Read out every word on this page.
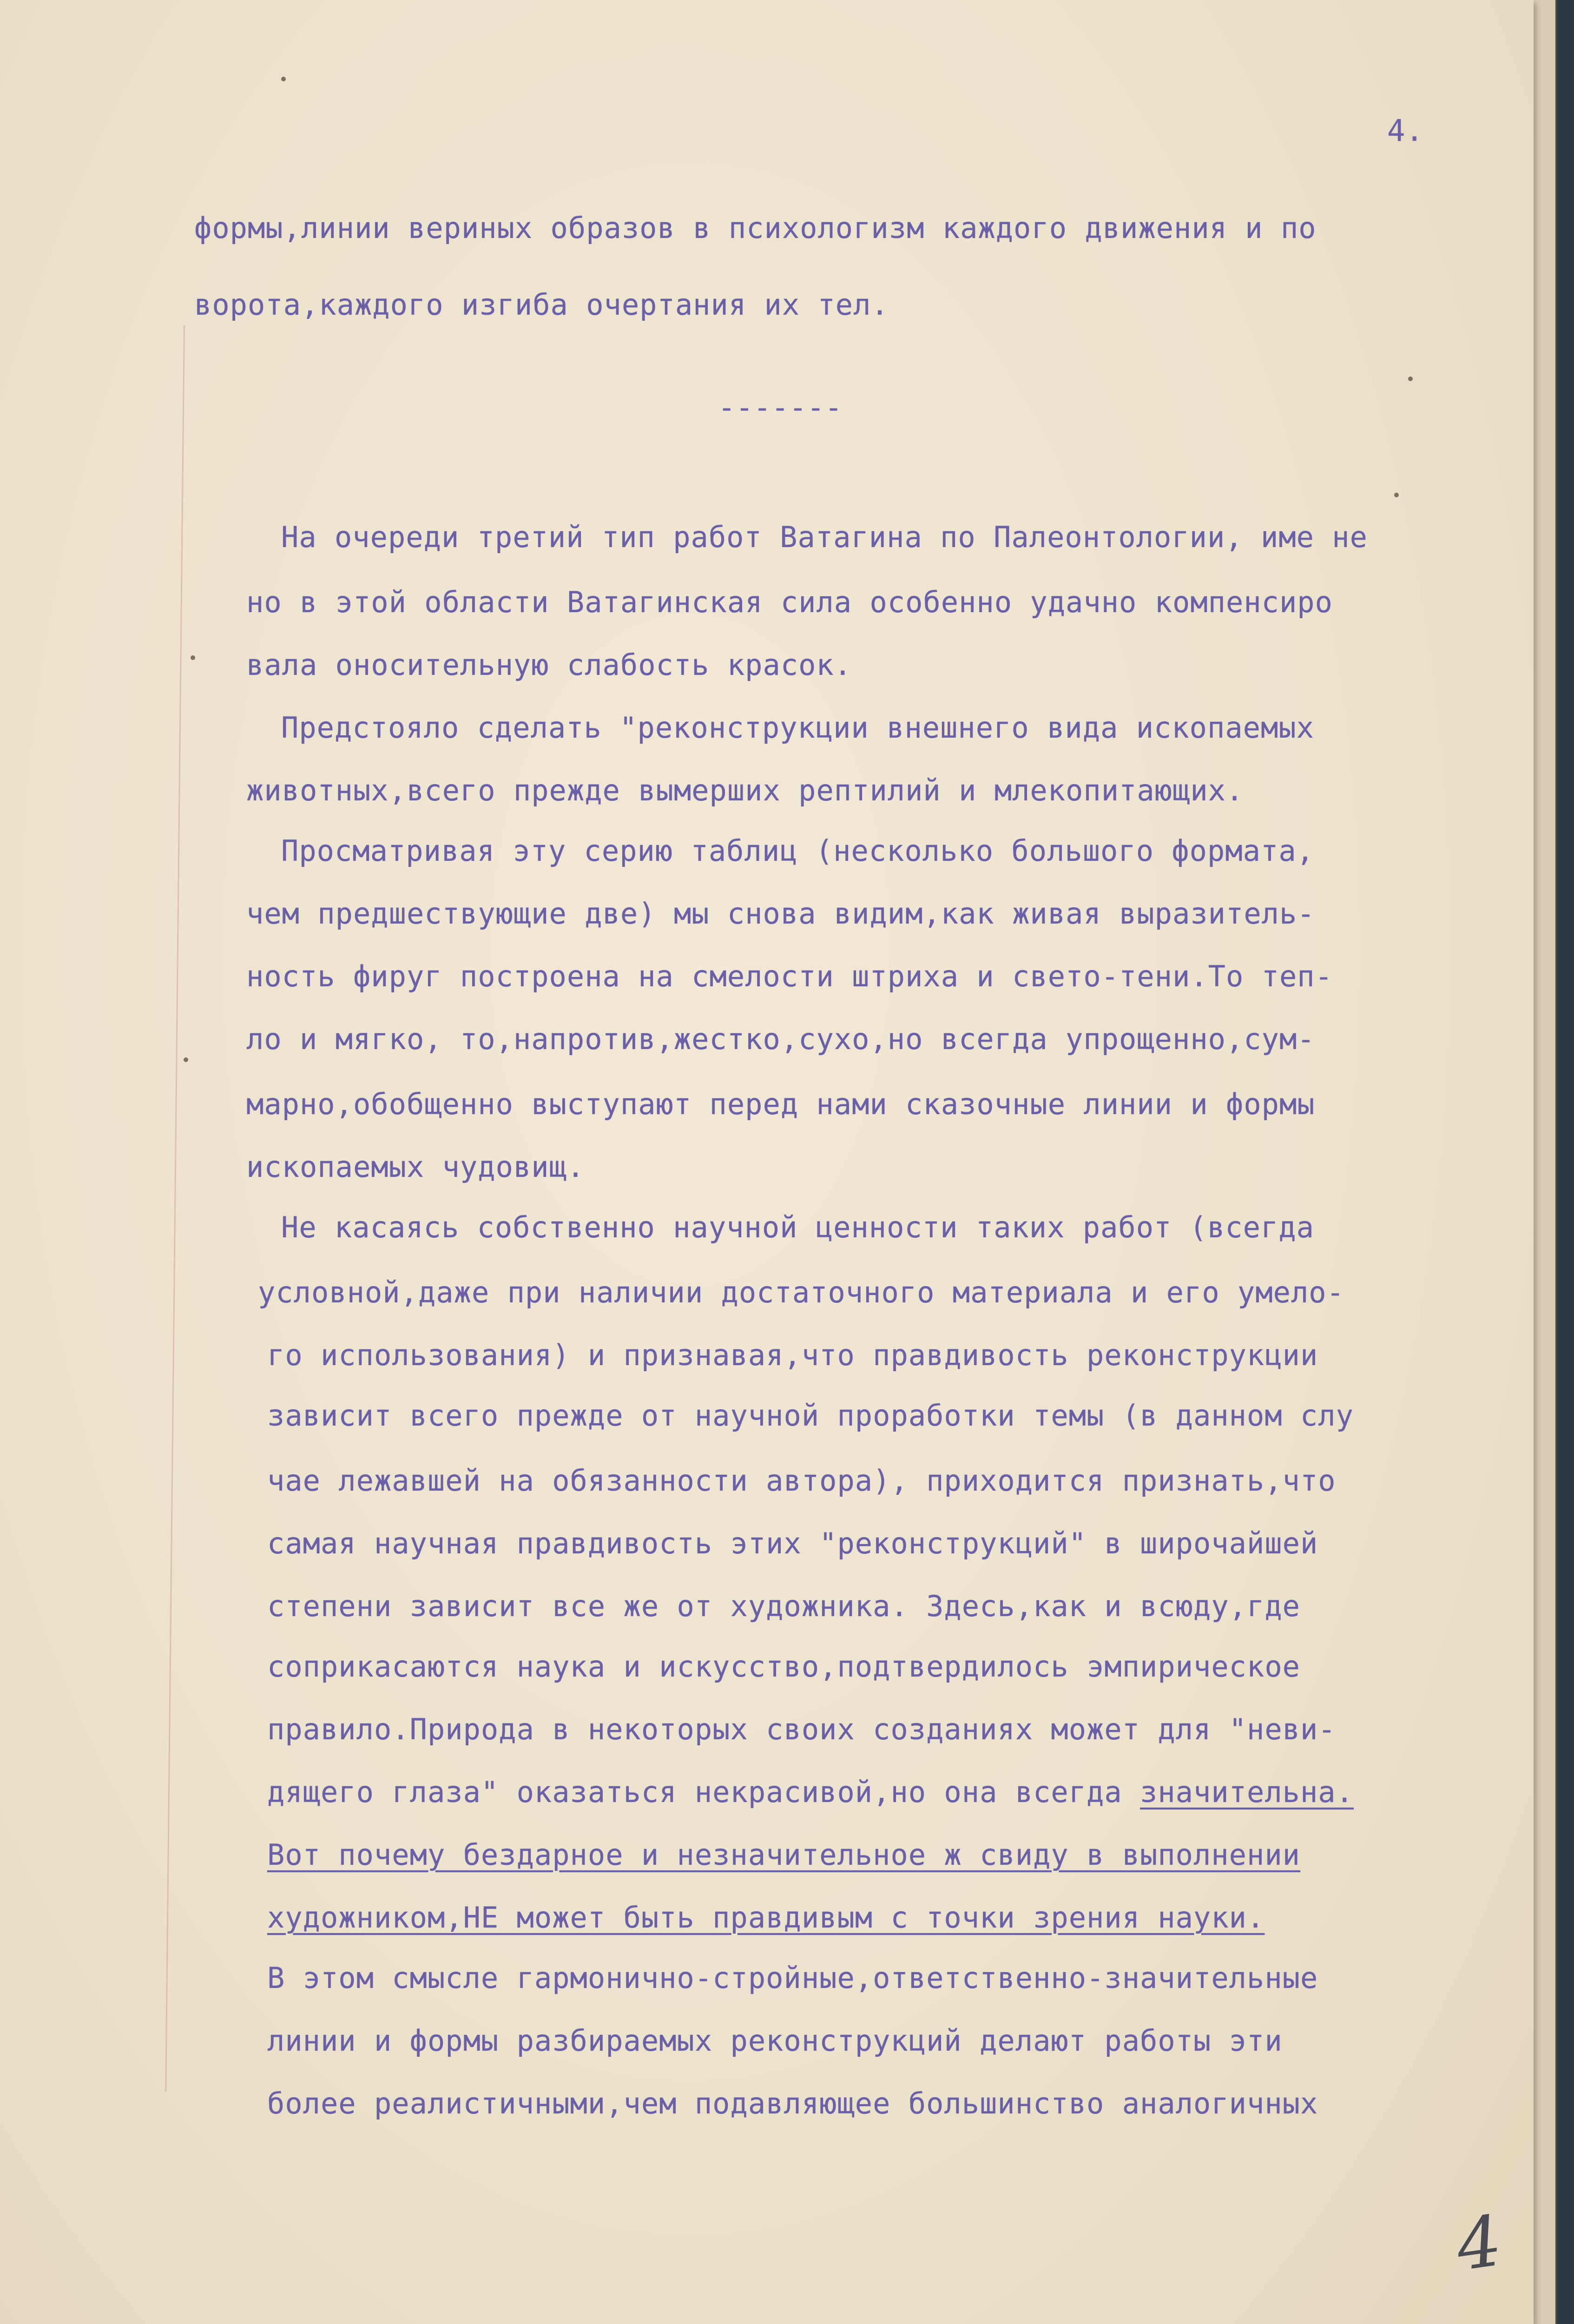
4.
формы,линии вериных образов в психологизм каждого движения и по
ворота,каждого изгиба очертания их тел.
-------
На очереди третий тип работ Ватагина по Палеонтологии, име не
но в этой области Ватагинская сила особенно удачно компенсиро
вала оносительную слабость красок.
Предстояло сделать "реконструкции внешнего вида ископаемых
животных,всего прежде вымерших рептилий и млекопитающих.
Просматривая эту серию таблиц (несколько большого формата,
чем предшествующие две) мы снова видим,как живая выразитель-
ность фируг построена на смелости штриха и свето-тени.То теп-
ло и мягко, то,напротив,жестко,сухо,но всегда упрощенно,сум-
марно,обобщенно выступают перед нами сказочные линии и формы
ископаемых чудовищ.
Не касаясь собственно научной ценности таких работ (всегда
условной,даже при наличии достаточного материала и его умело-
го использования) и признавая,что правдивость реконструкции
зависит всего прежде от научной проработки темы (в данном слу
чае лежавшей на обязанности автора), приходится признать,что
самая научная правдивость этих "реконструкций" в широчайшей
степени зависит все же от художника. Здесь,как и всюду,где
соприкасаются наука и искусство,подтвердилось эмпирическое
правило.Природа в некоторых своих созданиях может для "неви-
дящего глаза" оказаться некрасивой,но она всегда значительна.
Вот почему бездарное и незначительное ж свиду в выполнении
художником,НЕ может быть правдивым с точки зрения науки.
В этом смысле гармонично-стройные,ответственно-значительные
линии и формы разбираемых реконструкций делают работы эти
более реалистичными,чем подавляющее большинство аналогичных
4
